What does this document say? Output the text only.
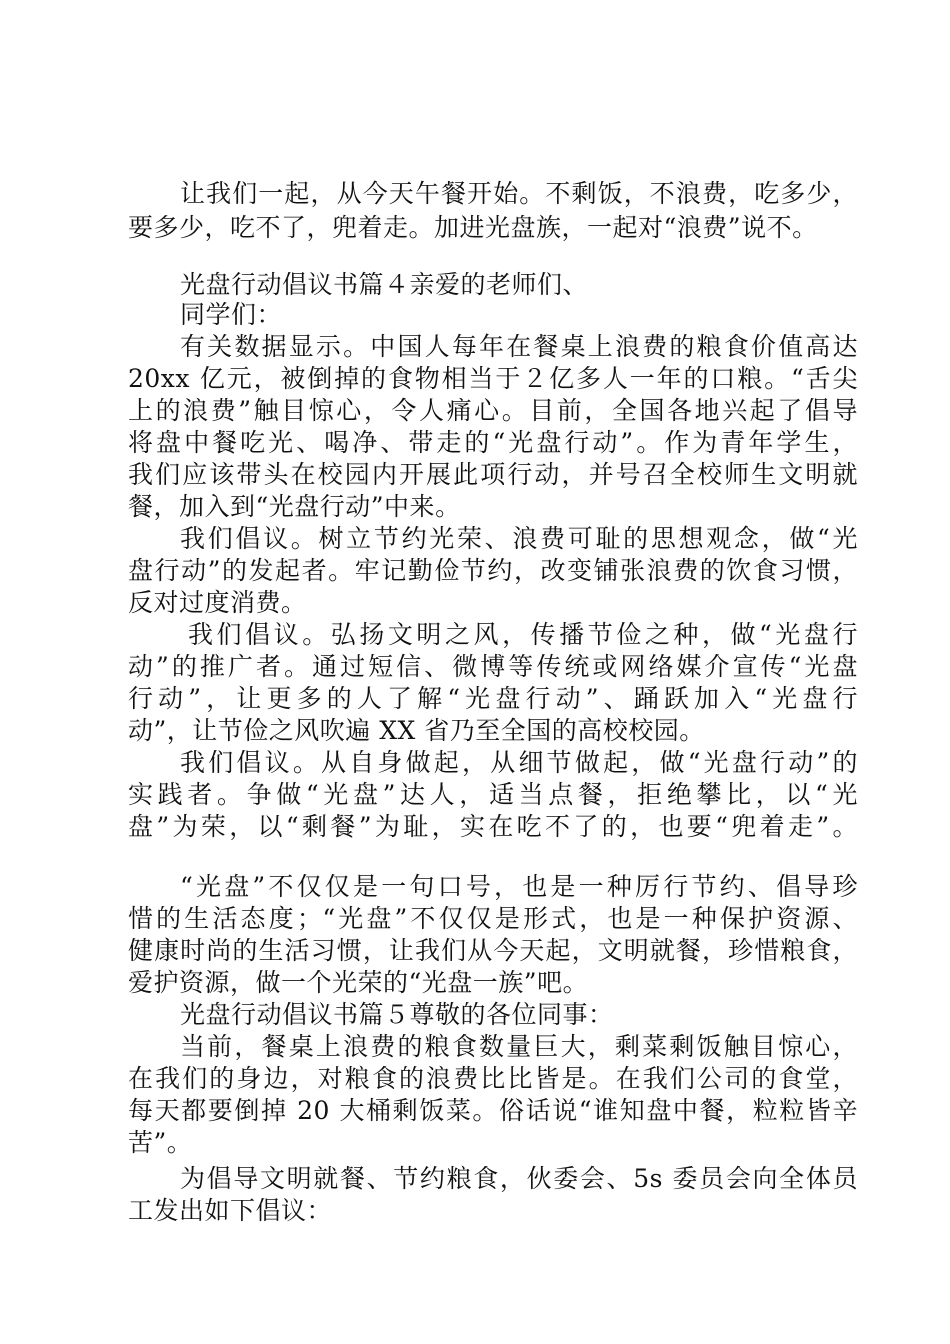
让我们一起，从今天午餐开始。不剩饭，不浪费，吃多少，
要多少，吃不了，兜着走。加进光盘族，一起对“浪费”说不。
光盘行动倡议书篇４亲爱的老师们、
同学们：
有关数据显示。中国人每年在餐桌上浪费的粮食价值高达
20xx 亿元，被倒掉的食物相当于２亿多人一年的口粮。“舌尖
上的浪费”触目惊心，令人痛心。目前，全国各地兴起了倡导
将盘中餐吃光、喝净、带走的“光盘行动”。作为青年学生，
我们应该带头在校园内开展此项行动，并号召全校师生文明就
餐，加入到“光盘行动”中来。
我们倡议。树立节约光荣、浪费可耻的思想观念，做“光
盘行动”的发起者。牢记勤俭节约，改变铺张浪费的饮食习惯，
反对过度消费。
我们倡议。弘扬文明之风，传播节俭之种，做“光盘行
动”的推广者。通过短信、微博等传统或网络媒介宣传“光盘
行动”，让更多的人了解“光盘行动”、踊跃加入“光盘行
动”，让节俭之风吹遍 XX 省乃至全国的高校校园。
我们倡议。从自身做起，从细节做起，做“光盘行动”的
实践者。争做“光盘”达人，适当点餐，拒绝攀比，以“光
盘”为荣，以“剩餐”为耻，实在吃不了的，也要“兜着走”。
“光盘”不仅仅是一句口号，也是一种厉行节约、倡导珍
惜的生活态度；“光盘”不仅仅是形式，也是一种保护资源、
健康时尚的生活习惯，让我们从今天起，文明就餐，珍惜粮食，
爱护资源，做一个光荣的“光盘一族”吧。
光盘行动倡议书篇５尊敬的各位同事：
当前，餐桌上浪费的粮食数量巨大，剩菜剩饭触目惊心，
在我们的身边，对粮食的浪费比比皆是。在我们公司的食堂，
每天都要倒掉 20 大桶剩饭菜。俗话说“谁知盘中餐，粒粒皆辛
苦”。
为倡导文明就餐、节约粮食，伙委会、5s 委员会向全体员
工发出如下倡议：
